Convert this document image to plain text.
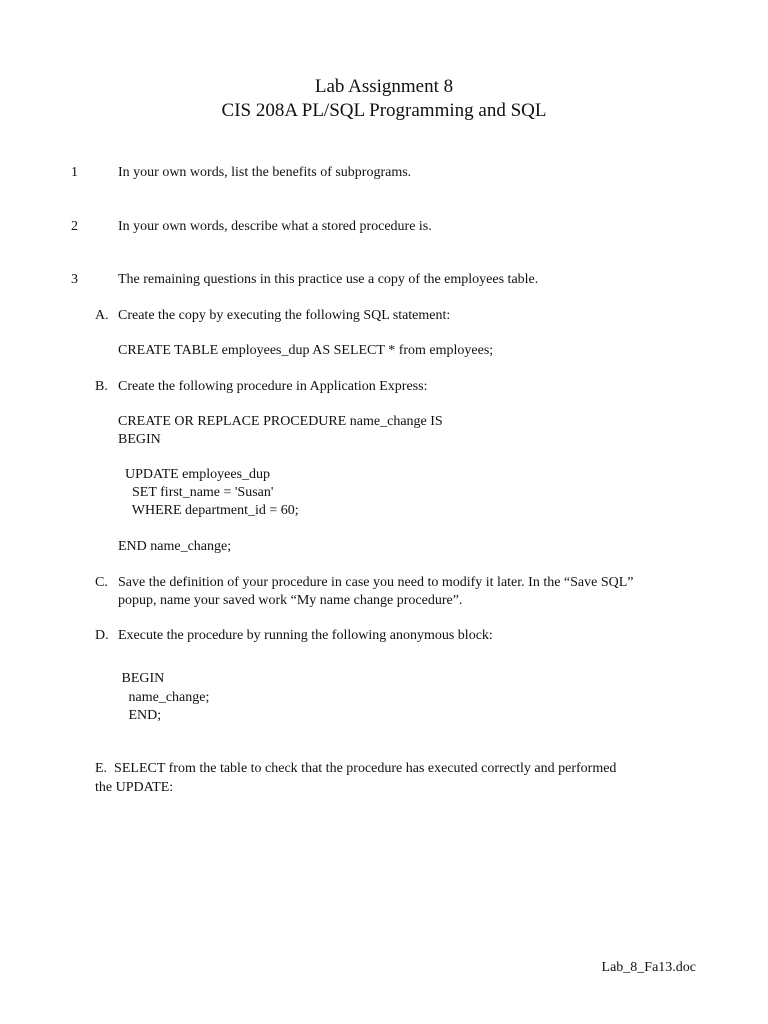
Lab Assignment 8
CIS 208A PL/SQL Programming and SQL
1	In your own words, list the benefits of subprograms.
2	In your own words, describe what a stored procedure is.
3	The remaining questions in this practice use a copy of the employees table.
A. Create the copy by executing the following SQL statement:
CREATE TABLE employees_dup AS SELECT * from employees;
B. Create the following procedure in Application Express:
CREATE OR REPLACE PROCEDURE name_change IS
BEGIN
UPDATE employees_dup
SET first_name = 'Susan'
WHERE department_id = 60;
END name_change;
C. Save the definition of your procedure in case you need to modify it later. In the “Save SQL”
popup, name your saved work “My name change procedure”.
D. Execute the procedure by running the following anonymous block:
BEGIN
name_change;
END;
E.  SELECT from the table to check that the procedure has executed correctly and performed
the UPDATE:
Lab_8_Fa13.doc
